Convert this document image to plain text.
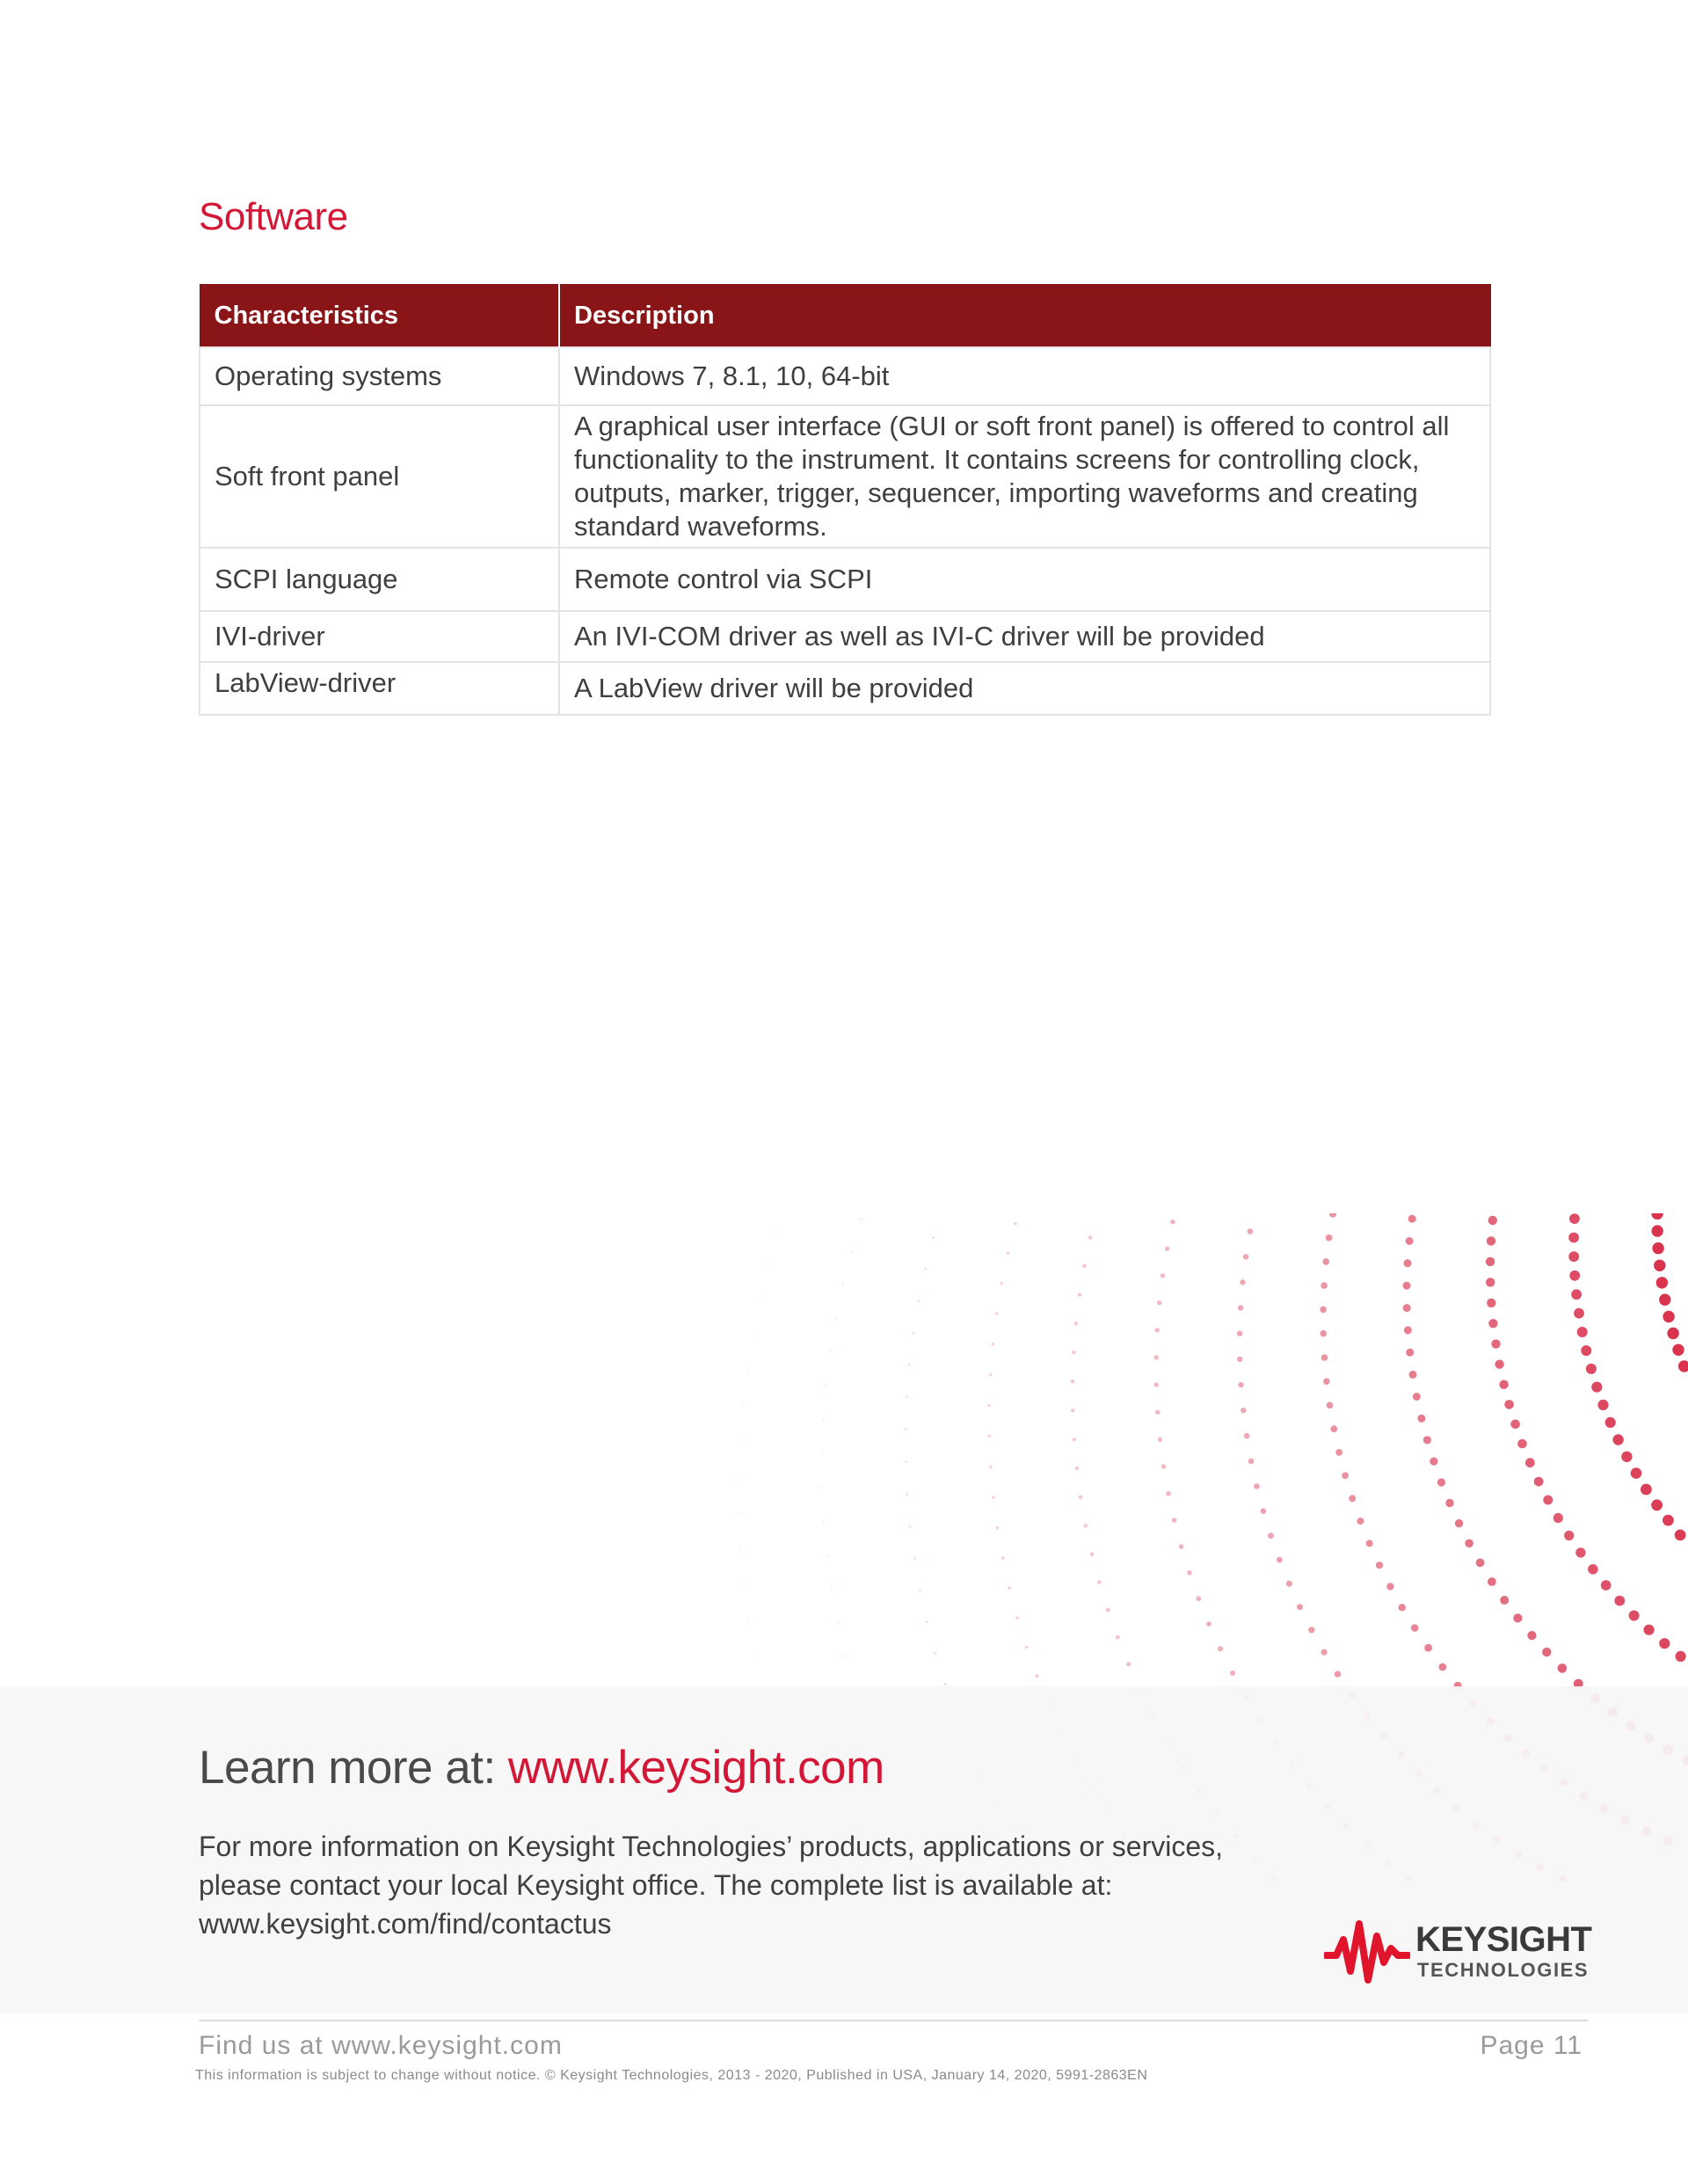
Software
Characteristics	Description
Operating systems	Windows 7, 8.1, 10, 64-bit
Soft front panel	A graphical user interface (GUI or soft front panel) is offered to control all functionality to the instrument. It contains screens for controlling clock, outputs, marker, trigger, sequencer, importing waveforms and creating standard waveforms.
SCPI language	Remote control via SCPI
IVI-driver	An IVI-COM driver as well as IVI-C driver will be provided
LabView-driver	A LabView driver will be provided
Learn more at: www.keysight.com

For more information on Keysight Technologies’ products, applications or services, please contact your local Keysight office. The complete list is available at: www.keysight.com/find/contactus	KEYSIGHT
TECHNOLOGIES
Find us at www.keysight.com	Page 11
This information is subject to change without notice. © Keysight Technologies, 2013 - 2020, Published in USA, January 14, 2020, 5991-2863EN
